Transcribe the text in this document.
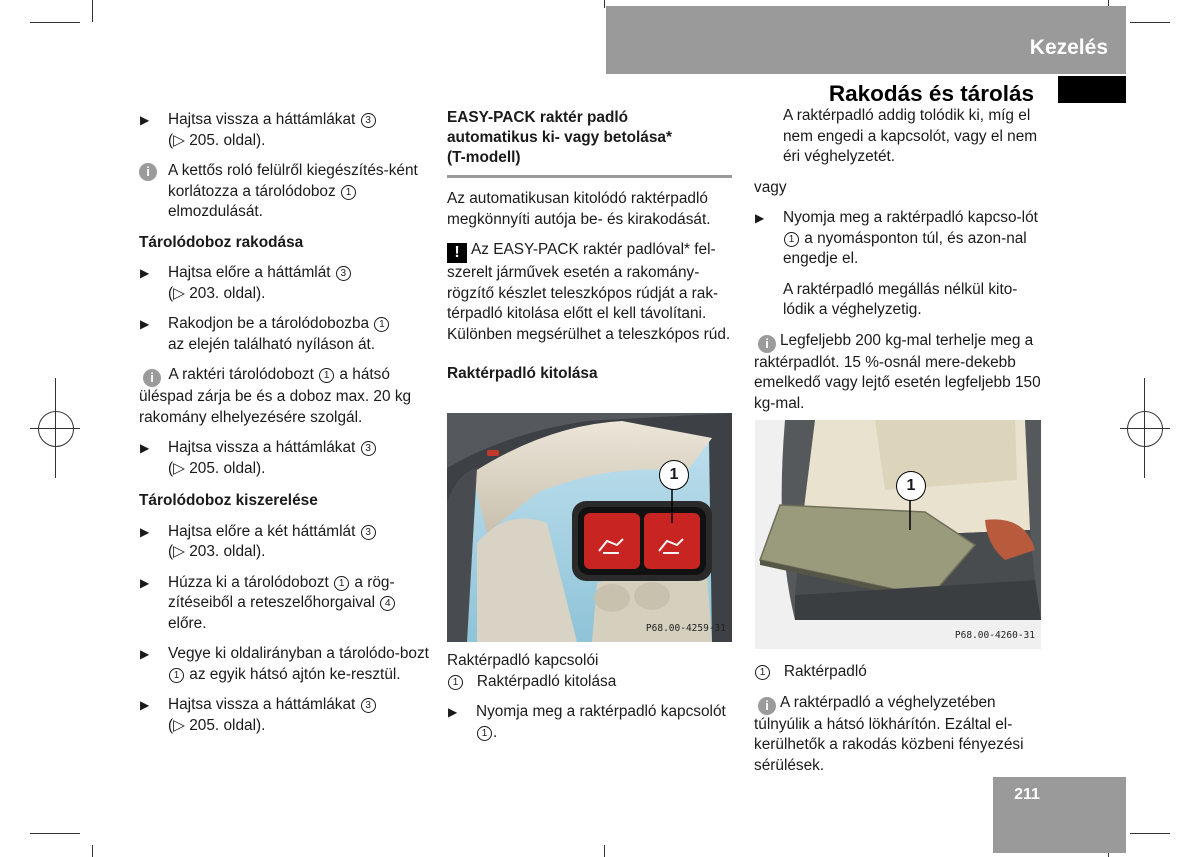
Kezelés
Rakodás és tárolás
▶ Hajtsa vissza a háttámlákat 3
(▷ 205. oldal).
i	A kettős roló felülről kiegészítés-ként korlátozza a tárolódoboz 1 elmozdulását.
Tárolódoboz rakodása
▶ Hajtsa előre a háttámlát 3
(▷ 203. oldal).
▶ Rakodjon be a tárolódobozba 1
az elején található nyíláson át.
i A raktéri tárolódobozt 1 a hátsó üléspad zárja be és a doboz max. 20 kg rakomány elhelyezésére szolgál.
▶ Hajtsa vissza a háttámlákat 3
(▷ 205. oldal).
Tárolódoboz kiszerelése
▶ Hajtsa előre a két háttámlát 3
(▷ 203. oldal).
▶ Húzza ki a tárolódobozt 1 a rög-zítéseiből a reteszelőhorgaival 4 előre.
▶ Vegye ki oldalirányban a tárolódo-bozt 1 az egyik hátsó ajtón ke-resztül.
▶ Hajtsa vissza a háttámlákat 3
(▷ 205. oldal).
EASY-PACK raktér padló
automatikus ki- vagy betolása*
(T-modell)
Az automatikusan kitolódó raktérpadló megkönnyíti autója be- és kirakodását.
! Az EASY-PACK raktér padlóval* fel-szerelt járművek esetén a rakomány-rögzítő készlet teleszkópos rúdját a rak-térpadló kitolása előtt el kell távolítani. Különben megsérülhet a teleszkópos rúd.
Raktérpadló kitolása
1
P68.00-4259-31
Raktérpadló kapcsolói
1 Raktérpadló kitolása
▶ Nyomja meg a raktérpadló kapcsolót 1 .
A raktérpadló addig tolódik ki, míg el nem engedi a kapcsolót, vagy el nem éri véghelyzetét.
vagy
▶ Nyomja meg a raktérpadló kapcso-lót 1 a nyomásponton túl, és azon-nal engedje el.
A raktérpadló megállás nélkül kito-lódik a véghelyzetig.
i Legfeljebb 200 kg-mal terhelje meg a raktérpadlót. 15 %-osnál mere-dekebb emelkedő vagy lejtő esetén legfeljebb 150 kg-mal.
1
P68.00-4260-31
1 Raktérpadló
i A raktérpadló a véghelyzetében túlnyúlik a hátsó lökhárítón. Ezáltal el-kerülhetők a rakodás közbeni fényezési sérülések.
211
